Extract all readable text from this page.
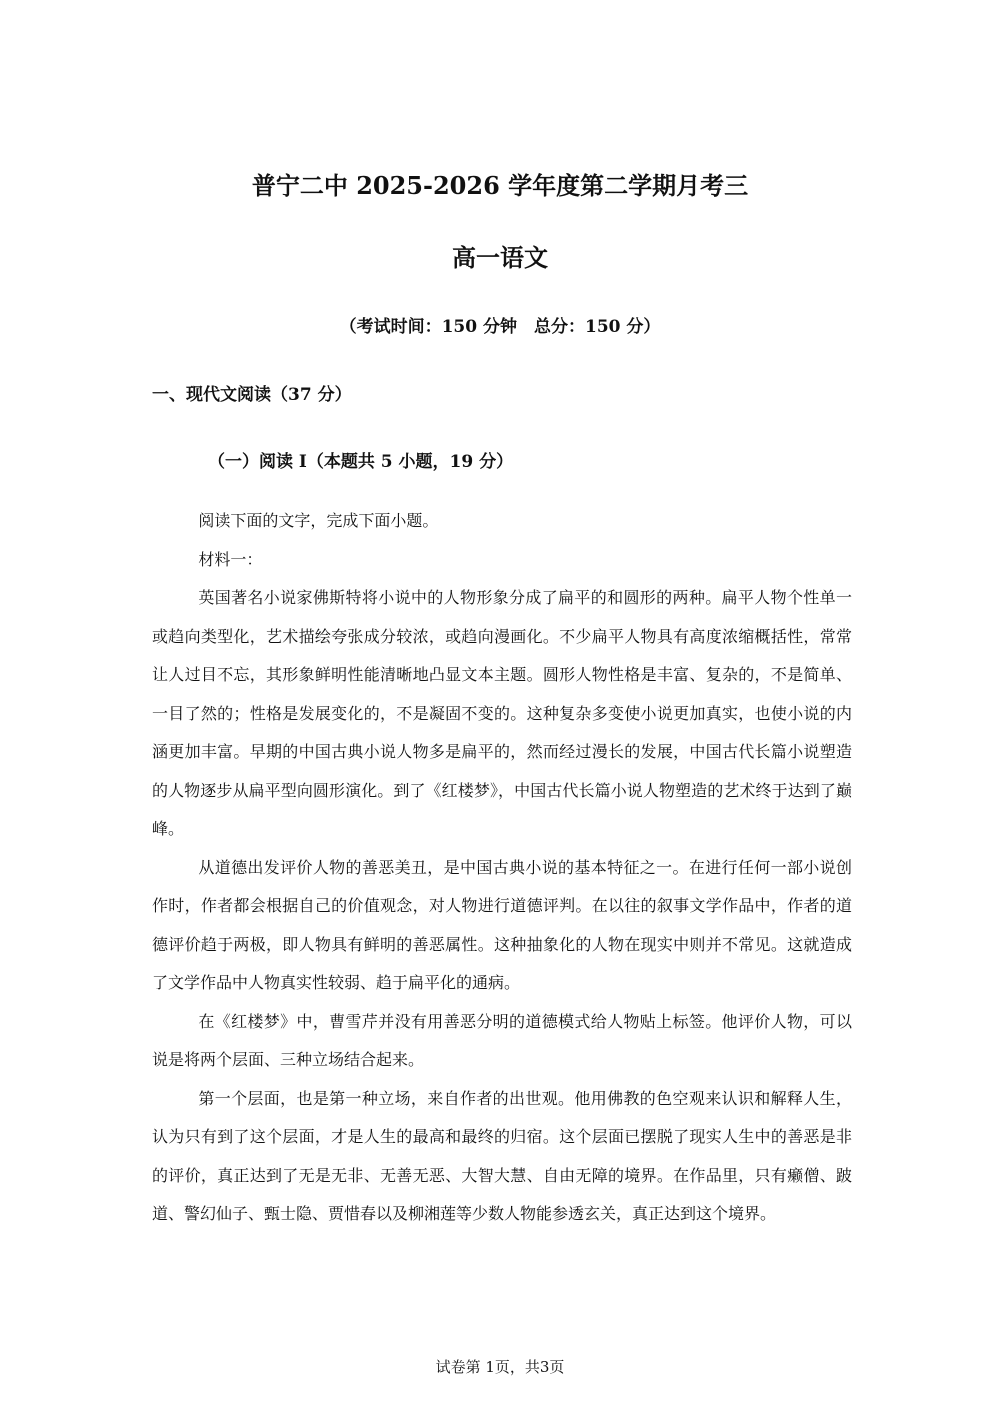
普宁二中 2025-2026 学年度第二学期月考三
高一语文
（考试时间：150 分钟　总分：150 分）
一、现代文阅读（37 分）
（一）阅读 I（本题共 5 小题，19 分）

阅读下面的文字，完成下面小题。

材料一：

英国著名小说家佛斯特将小说中的人物形象分成了扁平的和圆形的两种。扁平人物个性单一或趋向类型化，艺术描绘夸张成分较浓，或趋向漫画化。不少扁平人物具有高度浓缩概括性，常常让人过目不忘，其形象鲜明性能清晰地凸显文本主题。圆形人物性格是丰富、复杂的，不是简单、一目了然的；性格是发展变化的，不是凝固不变的。这种复杂多变使小说更加真实，也使小说的内涵更加丰富。早期的中国古典小说人物多是扁平的，然而经过漫长的发展，中国古代长篇小说塑造的人物逐步从扁平型向圆形演化。到了《红楼梦》，中国古代长篇小说人物塑造的艺术终于达到了巅峰。

从道德出发评价人物的善恶美丑，是中国古典小说的基本特征之一。在进行任何一部小说创作时，作者都会根据自己的价值观念，对人物进行道德评判。在以往的叙事文学作品中，作者的道德评价趋于两极，即人物具有鲜明的善恶属性。这种抽象化的人物在现实中则并不常见。这就造成了文学作品中人物真实性较弱、趋于扁平化的通病。

在《红楼梦》中，曹雪芹并没有用善恶分明的道德模式给人物贴上标签。他评价人物，可以说是将两个层面、三种立场结合起来。

第一个层面，也是第一种立场，来自作者的出世观。他用佛教的色空观来认识和解释人生，认为只有到了这个层面，才是人生的最高和最终的归宿。这个层面已摆脱了现实人生中的善恶是非的评价，真正达到了无是无非、无善无恶、大智大慧、自由无障的境界。在作品里，只有癞僧、跛道、警幻仙子、甄士隐、贾惜春以及柳湘莲等少数人物能参透玄关，真正达到这个境界。

试卷第 1页，共3页
